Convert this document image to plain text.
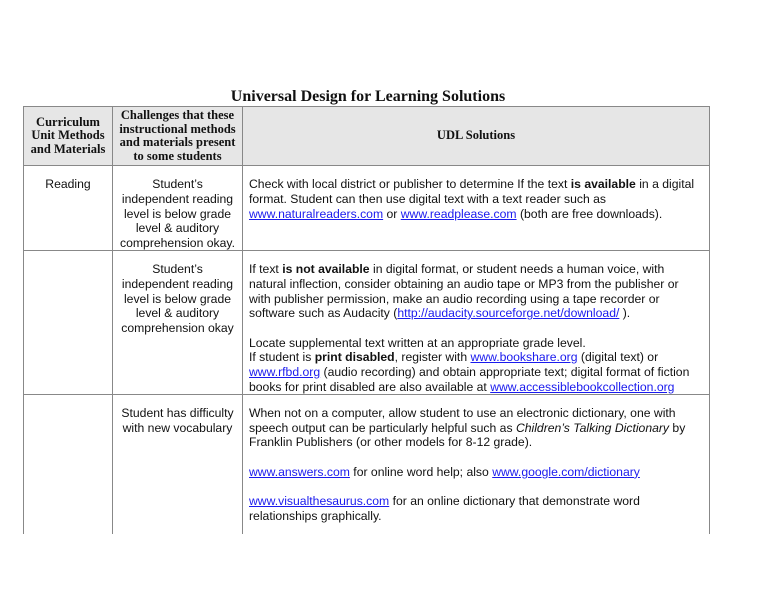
Universal Design for Learning Solutions
Curriculum Unit Methods and Materials	Challenges that these instructional methods and materials present to some students	UDL Solutions
Reading	Student’s independent reading level is below grade level & auditory comprehension okay.	Check with local district or publisher to determine If the text is available in a digital format. Student can then use digital text with a text reader such as www.naturalreaders.com or www.readplease.com (both are free downloads).

	Student’s independent reading level is below grade level & auditory comprehension okay	If text is not available in digital format, or student needs a human voice, with natural inflection, consider obtaining an audio tape or MP3 from the publisher or with publisher permission, make an audio recording using a tape recorder or software such as Audacity (http://audacity.sourceforge.net/download/ ).

Locate supplemental text written at an appropriate grade level.

If student is print disabled, register with www.bookshare.org (digital text) or www.rfbd.org (audio recording) and obtain appropriate text; digital format of fiction books for print disabled are also available at www.accessiblebookcollection.org

	Student has difficulty with new vocabulary	When not on a computer, allow student to use an electronic dictionary, one with speech output can be particularly helpful such as Children’s Talking Dictionary by Franklin Publishers (or other models for 8-12 grade).

www.answers.com for online word help; also www.google.com/dictionary

www.visualthesaurus.com for an online dictionary that demonstrate word relationships graphically.
